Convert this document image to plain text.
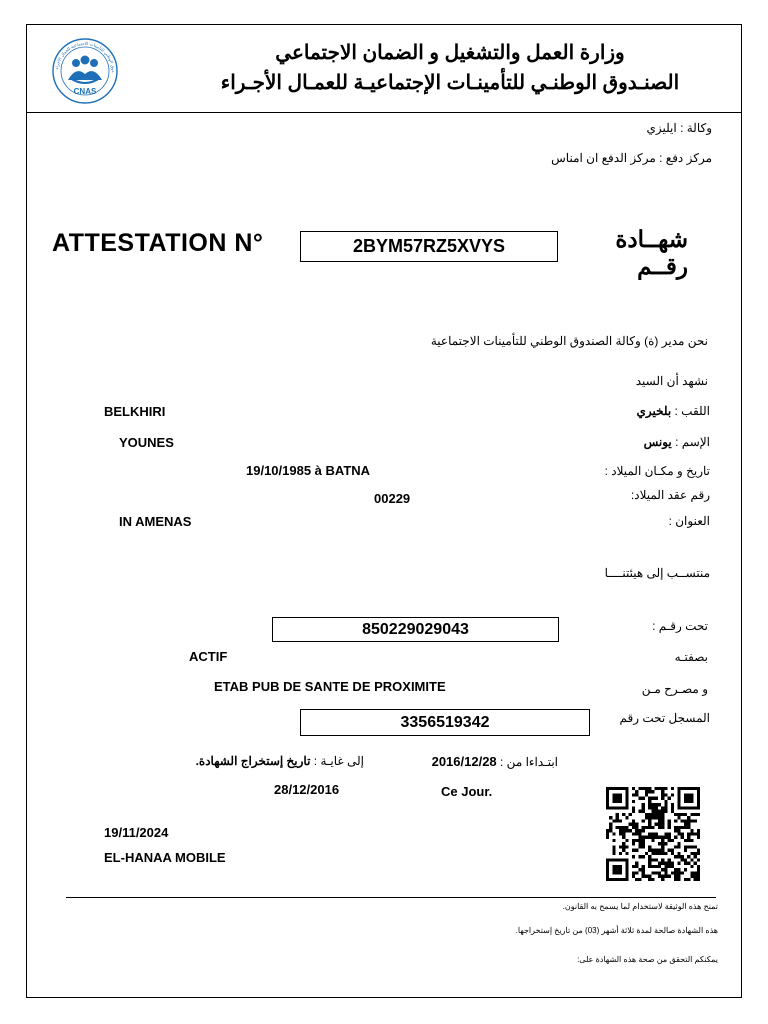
دوق الوطني للتأمينات الاجتماعية للعمال الأجراء
CNAS
وزارة العمل والتشغيل و الضمان الاجتماعي
الصنـدوق الوطنـي للتأمينـات الإجتماعيـة للعمـال الأجـراء
وكالة : ايليزي
مركز دفع : مركز الدفع ان امناس
ATTESTATION N°	2BYM57RZ5XVYS	شهــادة رقــم
نحن مدير (ة) وكالة الصندوق الوطني للتأمينات الاجتماعية
نشهد أن السيد
BELKHIRI	اللقب : بلخيري
YOUNES	الإسم : يونس
19/10/1985 à BATNA	تاريخ و مكـان الميلاد :
00229	رقم عقد الميلاد:
IN AMENAS	العنوان :
منتســب إلى هيئتنــــا
850229029043	تحت رقـم :
ACTIF	بصفتـه
ETAB PUB DE SANTE DE PROXIMITE	و مصـرح مـن
3356519342	المسجل تحت رقم
ابتـداءا من : 2016/12/28
إلى غايـة : تاريخ إستخراج الشهادة.
28/12/2016	Ce Jour.
19/11/2024
EL-HANAA MOBILE
تمنح هذه الوثيقة لاستخدام لما يسمح به القانون.
هذه الشهادة صالحة لمدة ثلاثة أشهر (03) من تاريخ إستخراجها.
يمكنكم التحقق من صحة هذه الشهادة على:
